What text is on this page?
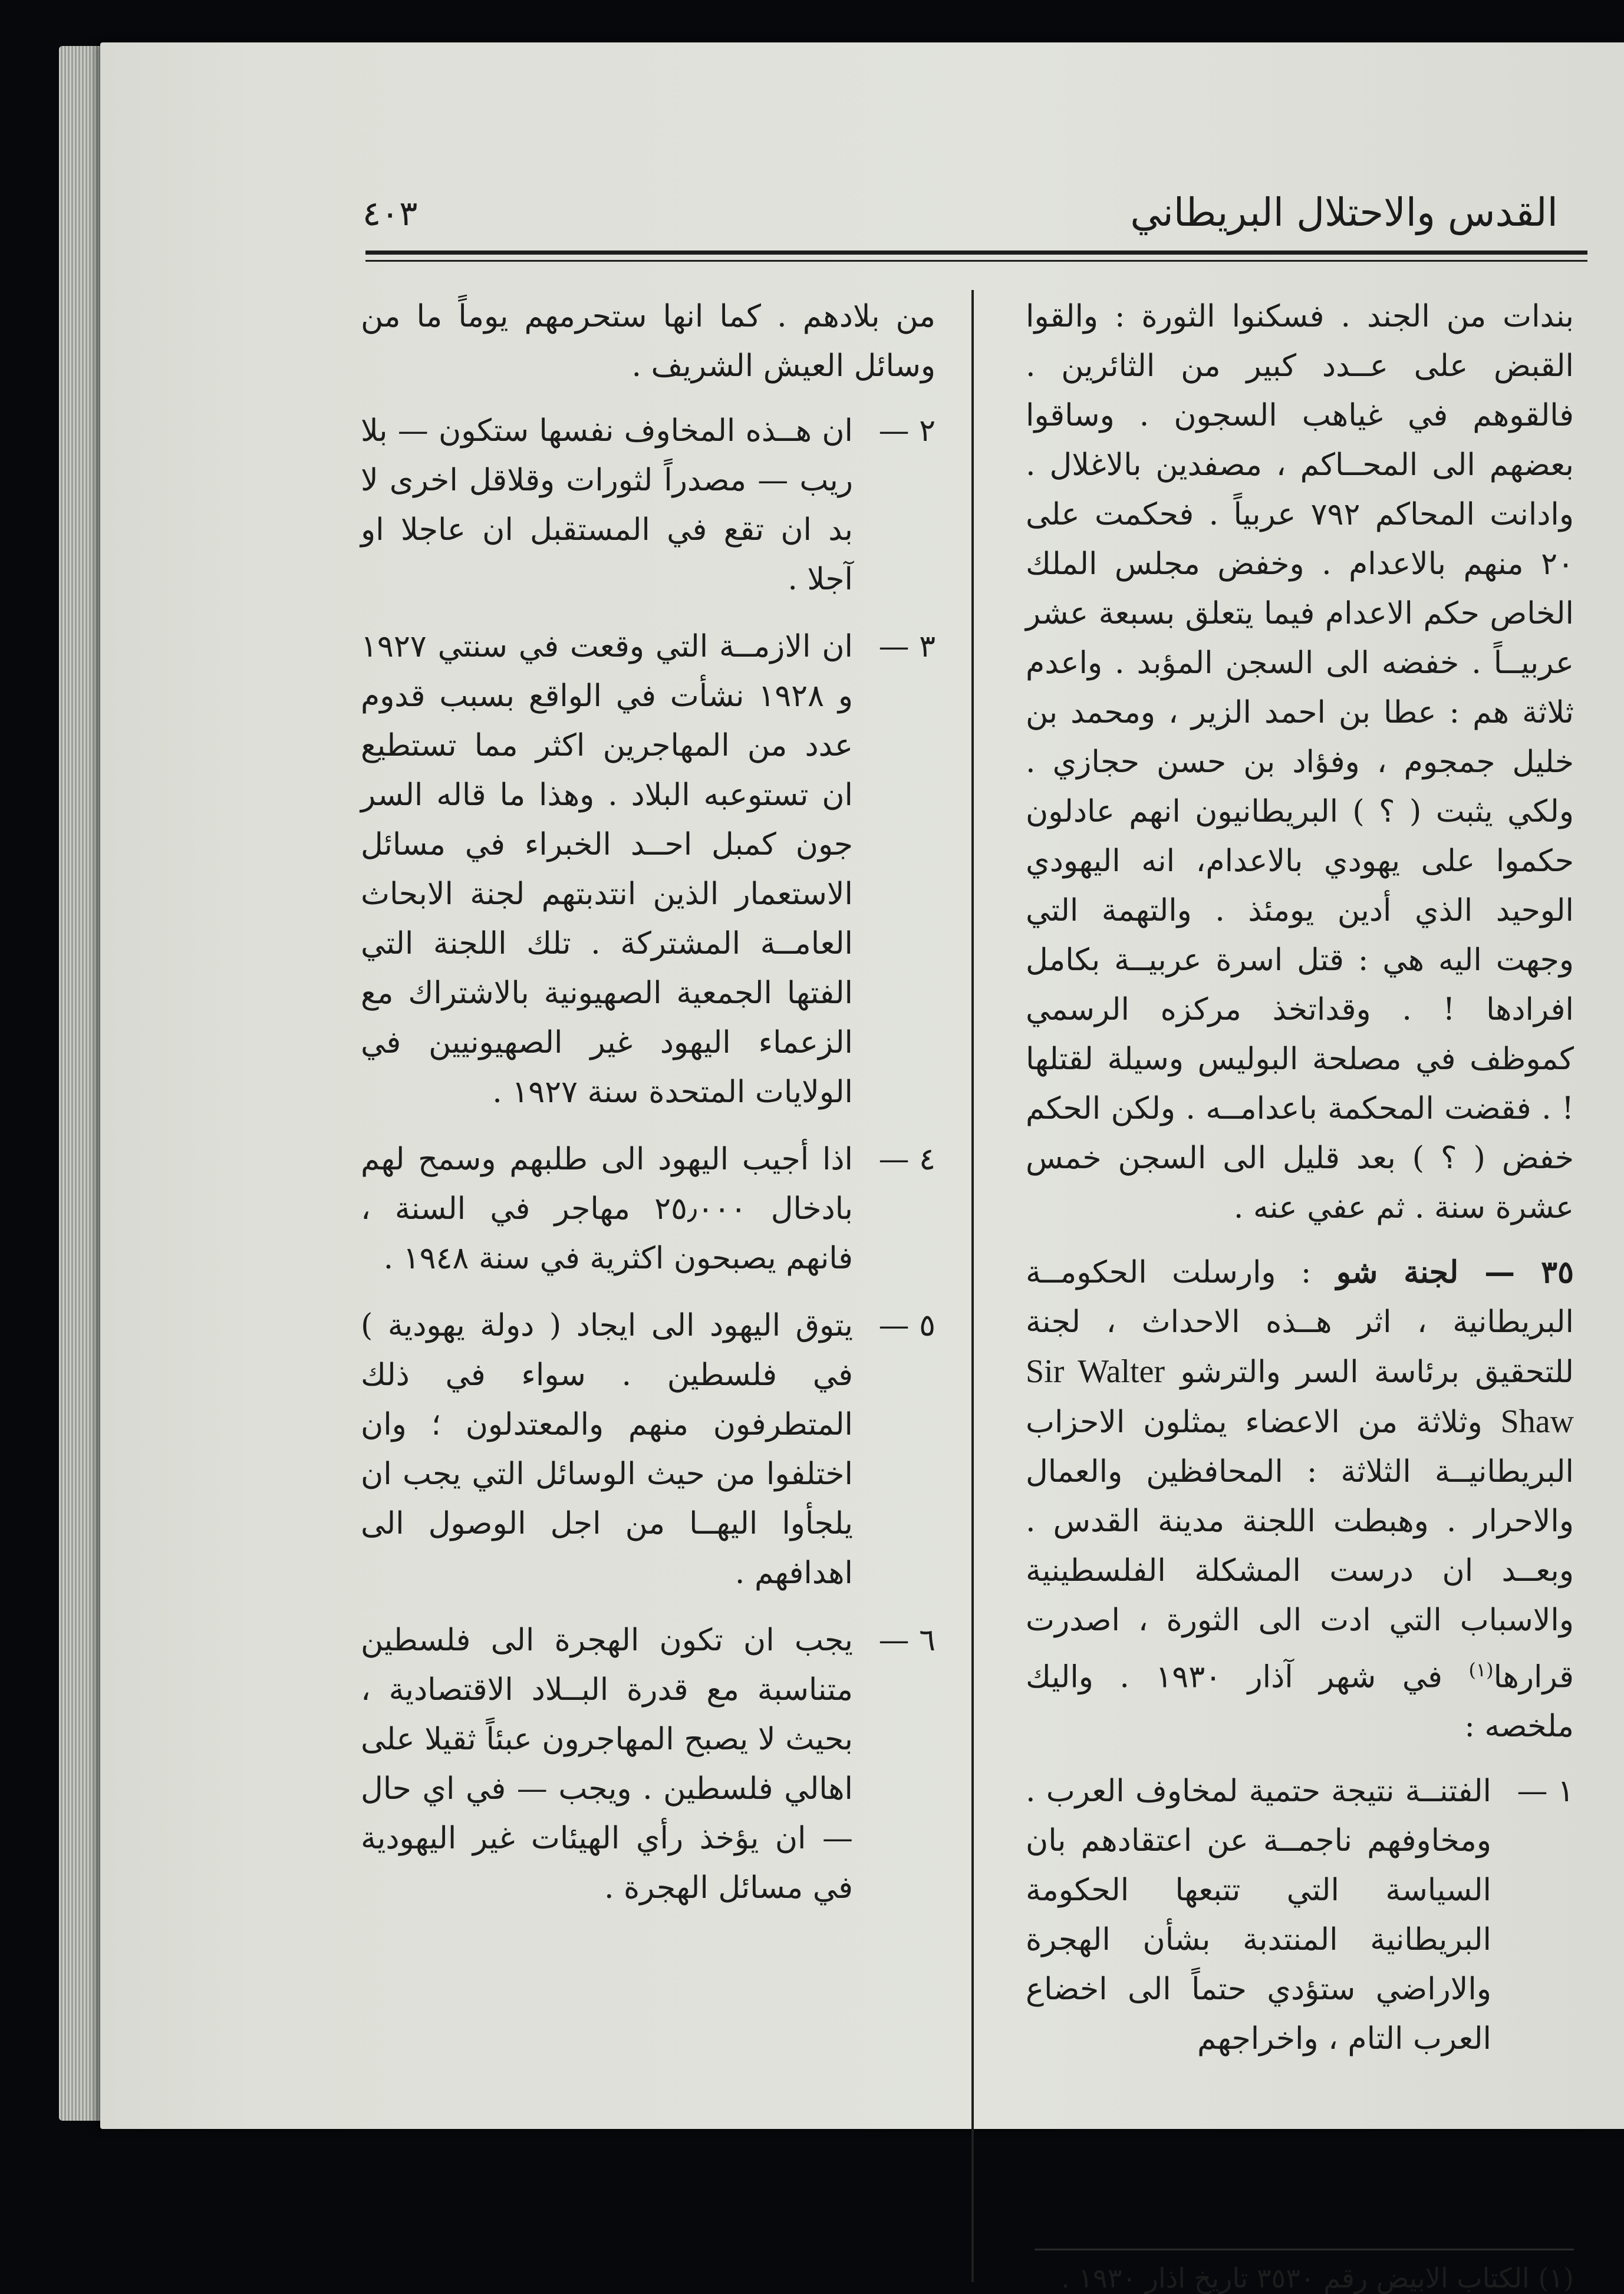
٤٠٣	القدس والاحتلال البريطاني

بندات من الجند . فسكنوا الثورة : والقوا القبض على عــدد كبير من الثائرين . فالقوهم في غياهب السجون . وساقوا بعضهم الى المحــاكم ، مصفدين بالاغلال . وادانت المحاكم ٧٩٢ عربياً . فحكمت على ٢٠ منهم بالاعدام . وخفض مجلس الملك الخاص حكم الاعدام فيما يتعلق بسبعة عشر عربيــاً . خفضه الى السجن المؤبد . واعدم ثلاثة هم : عطا بن احمد الزير ، ومحمد بن خليل جمجوم ، وفؤاد بن حسن حجازي . ولكي يثبت ( ؟ ) البريطانيون انهم عادلون حكموا على يهودي بالاعدام، انه اليهودي الوحيد الذي أدين يومئذ . والتهمة التي وجهت اليه هي : قتل اسرة عربيــة بكامل افرادها ! . وقداتخذ مركزه الرسمي كموظف في مصلحة البوليس وسيلة لقتلها ! . فقضت المحكمة باعدامــه . ولكن الحكم خفض ( ؟ ) بعد قليل الى السجن خمس عشرة سنة . ثم عفي عنه .

٣٥ — لجنة شو : وارسلت الحكومــة البريطانية ، اثر هــذه الاحداث ، لجنة للتحقيق برئاسة السر والترشو Sir Walter Shaw وثلاثة من الاعضاء يمثلون الاحزاب البريطانيــة الثلاثة : المحافظين والعمال والاحرار . وهبطت اللجنة مدينة القدس . وبعــد ان درست المشكلة الفلسطينية والاسباب التي ادت الى الثورة ، اصدرت قرارها$^{(١)}$ في شهر آذار ١٩٣٠ . واليك ملخصه :

١ —
الفتنــة نتيجة حتمية لمخاوف العرب . ومخاوفهم ناجمــة عن اعتقادهم بان السياسة التي تتبعها الحكومة البريطانية المنتدبة بشأن الهجرة والاراضي ستؤدي حتماً الى اخضاع العرب التام ، واخراجهم

من بلادهم . كما انها ستحرمهم يوماً ما من وسائل العيش الشريف .

٢ —
ان هــذه المخاوف نفسها ستكون — بلا ريب — مصدراً لثورات وقلاقل اخرى لا بد ان تقع في المستقبل ان عاجلا او آجلا .
٣ —
ان الازمــة التي وقعت في سنتي ١٩٢٧ و ١٩٢٨ نشأت في الواقع بسبب قدوم عدد من المهاجرين اكثر مما تستطيع ان تستوعبه البلاد . وهذا ما قاله السر جون كمبل احــد الخبراء في مسائل الاستعمار الذين انتدبتهم لجنة الابحاث العامــة المشتركة . تلك اللجنة التي الفتها الجمعية الصهيونية بالاشتراك مع الزعماء اليهود غير الصهيونيين في الولايات المتحدة سنة ١٩٢٧ .
٤ —
اذا أجيب اليهود الى طلبهم وسمح لهم بادخال ٢٥٫٠٠٠ مهاجر في السنة ، فانهم يصبحون اكثرية في سنة ١٩٤٨ .
٥ —
يتوق اليهود الى ايجاد ( دولة يهودية ) في فلسطين . سواء في ذلك المتطرفون منهم والمعتدلون ؛ وان اختلفوا من حيث الوسائل التي يجب ان يلجأوا اليهــا من اجل الوصول الى اهدافهم .
٦ —
يجب ان تكون الهجرة الى فلسطين متناسبة مع قدرة البــلاد الاقتصادية ، بحيث لا يصبح المهاجرون عبئاً ثقيلا على اهالي فلسطين . ويجب — في اي حال — ان يؤخذ رأي الهيئات غير اليهودية في مسائل الهجرة .
(١) الكتاب الابيض رقم ٣٥٣٠ تاريخ اذار ١٩٣٠ .
